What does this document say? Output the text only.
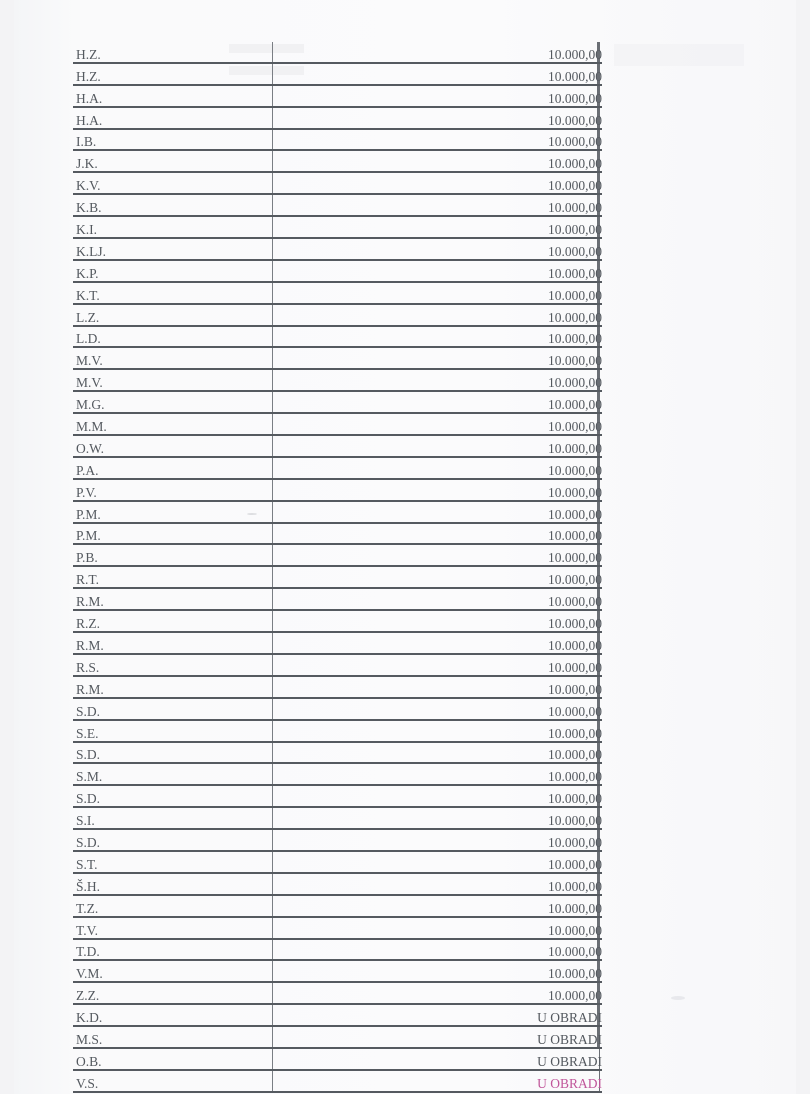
H.Z.		10.000,00

H.Z.		10.000,00

H.A.		10.000,00

H.A.		10.000,00

I.B.		10.000,00

J.K.		10.000,00

K.V.		10.000,00

K.B.		10.000,00

K.I.		10.000,00

K.LJ.		10.000,00

K.P.		10.000,00

K.T.		10.000,00

L.Z.		10.000,00

L.D.		10.000,00

M.V.		10.000,00

M.V.		10.000,00

M.G.		10.000,00

M.M.		10.000,00

O.W.		10.000,00

P.A.		10.000,00

P.V.		10.000,00

P.M.		10.000,00

P.M.		10.000,00

P.B.		10.000,00

R.T.		10.000,00

R.M.		10.000,00

R.Z.		10.000,00

R.M.		10.000,00

R.S.		10.000,00

R.M.		10.000,00

S.D.		10.000,00

S.E.		10.000,00

S.D.		10.000,00

S.M.		10.000,00

S.D.		10.000,00

S.I.		10.000,00

S.D.		10.000,00

S.T.		10.000,00

Š.H.		10.000,00

T.Z.		10.000,00

T.V.		10.000,00

T.D.		10.000,00

V.M.		10.000,00

Z.Z.		10.000,00

K.D.		U OBRADI

M.S.		U OBRADI

O.B.		U OBRADI

V.S.		U OBRADI
